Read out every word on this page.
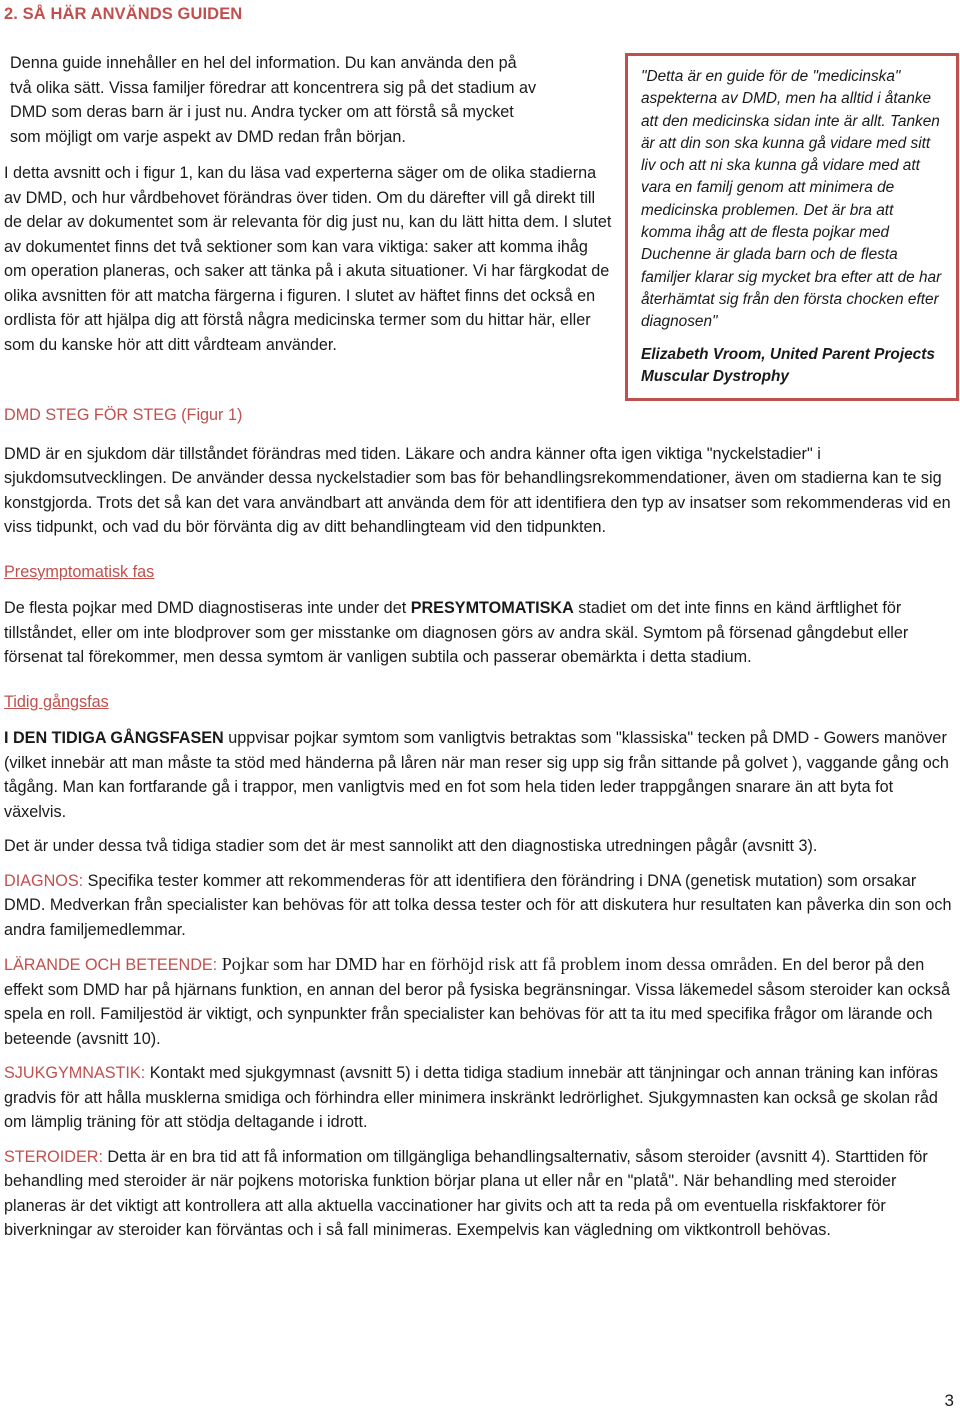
2. SÅ HÄR ANVÄNDS GUIDEN

Denna guide innehåller en hel del information. Du kan använda den på
två olika sätt. Vissa familjer föredrar att koncentrera sig på det stadium av
DMD som deras barn är i just nu. Andra tycker om att förstå så mycket
som möjligt om varje aspekt av DMD redan från början.

I detta avsnitt och i figur 1, kan du läsa vad experterna säger om de olika stadierna av DMD, och hur vårdbehovet förändras över tiden. Om du därefter vill gå direkt till de delar av dokumentet som är relevanta för dig just nu, kan du lätt hitta dem. I slutet av dokumentet finns det två sektioner som kan vara viktiga: saker att komma ihåg om operation planeras, och saker att tänka på i akuta situationer. Vi har färgkodat de olika avsnitten för att matcha färgerna i figuren. I slutet av häftet finns det också en ordlista för att hjälpa dig att förstå några medicinska termer som du hittar här, eller som du kanske hör att ditt vårdteam använder.

"Detta är en guide för de "medicinska" aspekterna av DMD, men ha alltid i åtanke att den medicinska sidan inte är allt. Tanken är att din son ska kunna gå vidare med sitt liv och att ni ska kunna gå vidare med att vara en familj genom att minimera de medicinska problemen. Det är bra att komma ihåg att de flesta pojkar med Duchenne är glada barn och de flesta familjer klarar sig mycket bra efter att de har återhämtat sig från den första chocken efter diagnosen"

Elizabeth Vroom, United Parent Projects Muscular Dystrophy

DMD STEG FÖR STEG (Figur 1)

DMD är en sjukdom där tillståndet förändras med tiden. Läkare och andra känner ofta igen viktiga "nyckelstadier" i sjukdomsutvecklingen. De använder dessa nyckelstadier som bas för behandlingsrekommendationer, även om stadierna kan te sig konstgjorda. Trots det så kan det vara användbart att använda dem för att identifiera den typ av insatser som rekommenderas vid en viss tidpunkt, och vad du bör förvänta dig av ditt behandlingteam vid den tidpunkten.

Presymptomatisk fas

De flesta pojkar med DMD diagnostiseras inte under det PRESYMTOMATISKA stadiet om det inte finns en känd ärftlighet för tillståndet, eller om inte blodprover som ger misstanke om diagnosen görs av andra skäl. Symtom på försenad gångdebut eller försenat tal förekommer, men dessa symtom är vanligen subtila och passerar obemärkta i detta stadium.

Tidig gångsfas

I DEN TIDIGA GÅNGSFASEN uppvisar pojkar symtom som vanligtvis betraktas som "klassiska" tecken på DMD - Gowers manöver (vilket innebär att man måste ta stöd med händerna på låren när man reser sig upp sig från sittande på golvet ), vaggande gång och tågång. Man kan fortfarande gå i trappor, men vanligtvis med en fot som hela tiden leder trappgången snarare än att byta fot växelvis.

Det är under dessa två tidiga stadier som det är mest sannolikt att den diagnostiska utredningen pågår (avsnitt 3).

DIAGNOS: Specifika tester kommer att rekommenderas för att identifiera den förändring i DNA (genetisk mutation) som orsakar DMD. Medverkan från specialister kan behövas för att tolka dessa tester och för att diskutera hur resultaten kan påverka din son och andra familjemedlemmar.

LÄRANDE OCH BETEENDE: Pojkar som har DMD har en förhöjd risk att få problem inom dessa områden. En del beror på den effekt som DMD har på hjärnans funktion, en annan del beror på fysiska begränsningar. Vissa läkemedel såsom steroider kan också spela en roll. Familjestöd är viktigt, och synpunkter från specialister kan behövas för att ta itu med specifika frågor om lärande och beteende (avsnitt 10).

SJUKGYMNASTIK: Kontakt med sjukgymnast (avsnitt 5) i detta tidiga stadium innebär att tänjningar och annan träning kan införas gradvis för att hålla musklerna smidiga och förhindra eller minimera inskränkt ledrörlighet. Sjukgymnasten kan också ge skolan råd om lämplig träning för att stödja deltagande i idrott.

STEROIDER: Detta är en bra tid att få information om tillgängliga behandlingsalternativ, såsom steroider (avsnitt 4). Starttiden för behandling med steroider är när pojkens motoriska funktion börjar plana ut eller når en "platå". När behandling med steroider planeras är det viktigt att kontrollera att alla aktuella vaccinationer har givits och att ta reda på om eventuella riskfaktorer för biverkningar av steroider kan förväntas och i så fall minimeras. Exempelvis kan vägledning om viktkontroll behövas.

3
